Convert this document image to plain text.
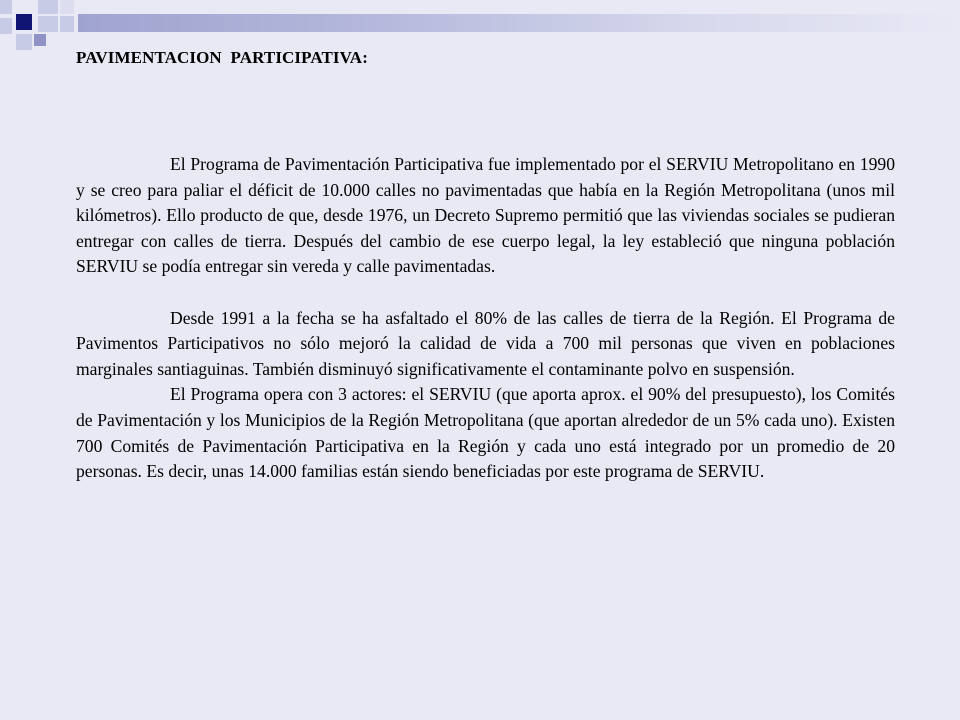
PAVIMENTACION  PARTICIPATIVA:

El Programa de Pavimentación Participativa fue implementado por el SERVIU Metropolitano en 1990 y se creo para paliar el déficit de 10.000 calles no pavimentadas que había en la Región Metropolitana (unos mil kilómetros). Ello producto de que, desde 1976, un Decreto Supremo permitió que las viviendas sociales se pudieran entregar con calles de tierra. Después del cambio de ese cuerpo legal, la ley estableció que ninguna población SERVIU se podía entregar sin vereda y calle pavimentadas.

Desde 1991 a la fecha se ha asfaltado el 80% de las calles de tierra de la Región. El Programa de Pavimentos Participativos no sólo mejoró la calidad de vida a 700 mil personas que viven en poblaciones marginales santiaguinas. También disminuyó significativamente el contaminante polvo en suspensión.

El Programa opera con 3 actores: el SERVIU (que aporta aprox. el 90% del presupuesto), los Comités de Pavimentación y los Municipios de la Región Metropolitana (que aportan alrededor de un 5% cada uno). Existen 700 Comités de Pavimentación Participativa en la Región y cada uno está integrado por un promedio de 20 personas. Es decir, unas 14.000 familias están siendo beneficiadas por este programa de SERVIU.
